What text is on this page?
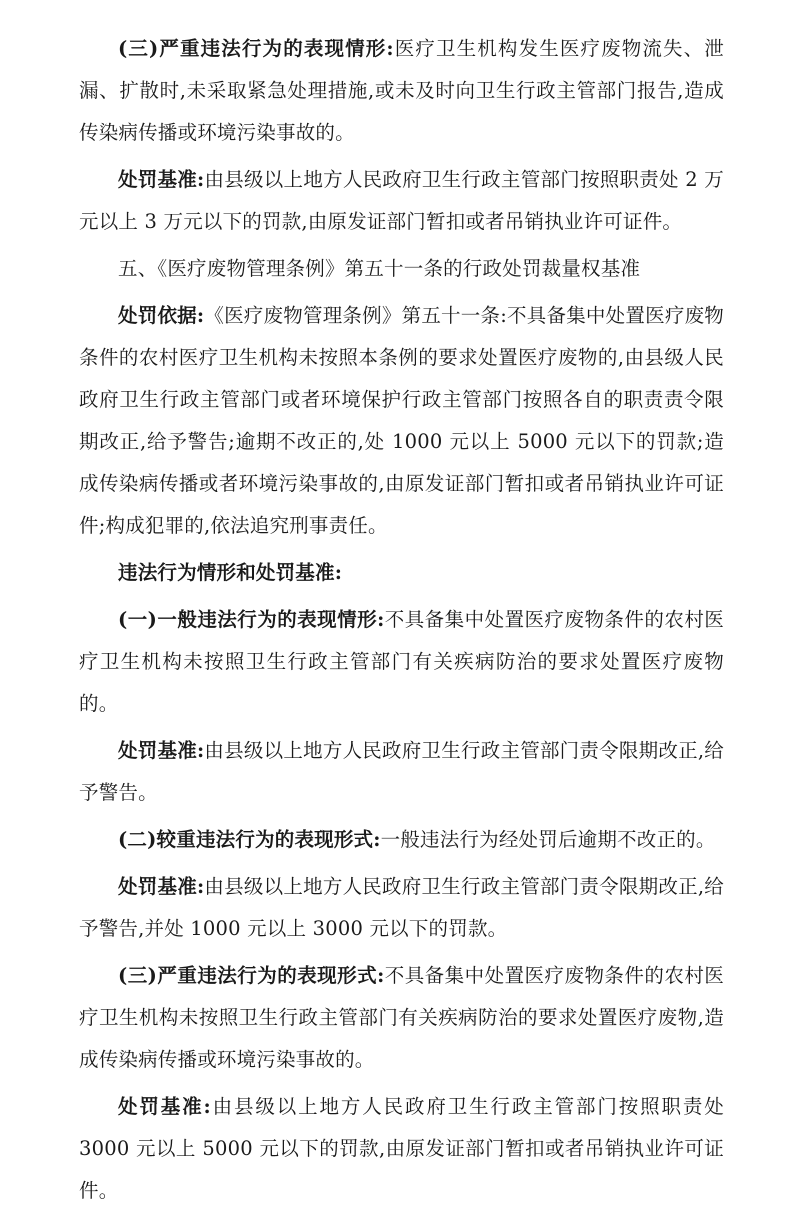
(三)严重违法行为的表现情形:医疗卫生机构发生医疗废物流失、泄漏、扩散时,未采取紧急处理措施,或未及时向卫生行政主管部门报告,造成传染病传播或环境污染事故的。

处罚基准:由县级以上地方人民政府卫生行政主管部门按照职责处 2 万元以上 3 万元以下的罚款,由原发证部门暂扣或者吊销执业许可证件。

五、《医疗废物管理条例》第五十一条的行政处罚裁量权基准

处罚依据:《医疗废物管理条例》第五十一条:不具备集中处置医疗废物条件的农村医疗卫生机构未按照本条例的要求处置医疗废物的,由县级人民政府卫生行政主管部门或者环境保护行政主管部门按照各自的职责责令限期改正,给予警告;逾期不改正的,处 1000 元以上 5000 元以下的罚款;造成传染病传播或者环境污染事故的,由原发证部门暂扣或者吊销执业许可证件;构成犯罪的,依法追究刑事责任。

违法行为情形和处罚基准:

(一)一般违法行为的表现情形:不具备集中处置医疗废物条件的农村医疗卫生机构未按照卫生行政主管部门有关疾病防治的要求处置医疗废物的。

处罚基准:由县级以上地方人民政府卫生行政主管部门责令限期改正,给予警告。

(二)较重违法行为的表现形式:一般违法行为经处罚后逾期不改正的。

处罚基准:由县级以上地方人民政府卫生行政主管部门责令限期改正,给予警告,并处 1000 元以上 3000 元以下的罚款。

(三)严重违法行为的表现形式:不具备集中处置医疗废物条件的农村医疗卫生机构未按照卫生行政主管部门有关疾病防治的要求处置医疗废物,造成传染病传播或环境污染事故的。

处罚基准:由县级以上地方人民政府卫生行政主管部门按照职责处 3000 元以上 5000 元以下的罚款,由原发证部门暂扣或者吊销执业许可证件。
